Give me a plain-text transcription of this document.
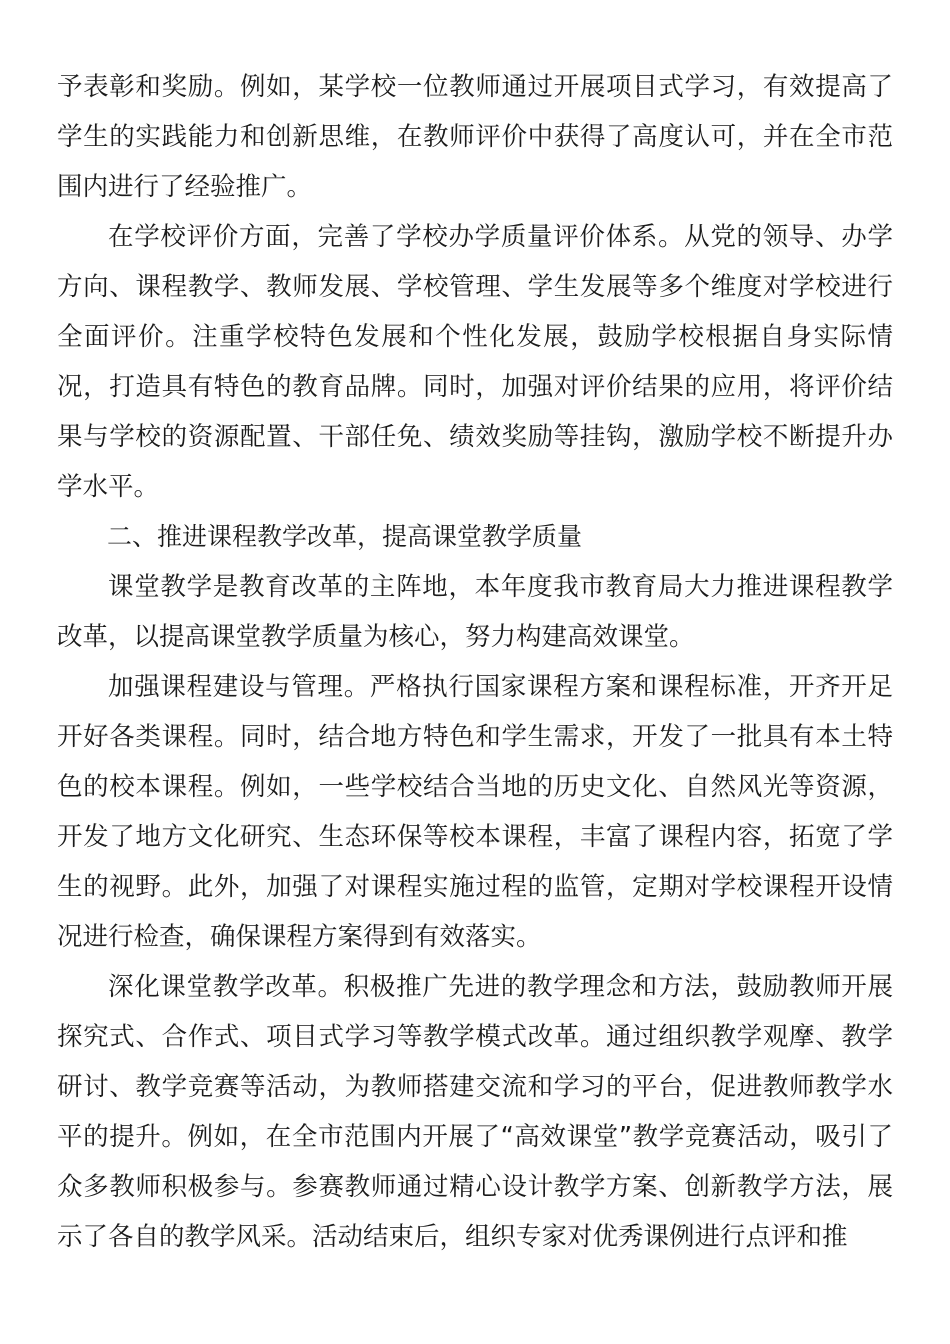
予表彰和奖励。例如，某学校一位教师通过开展项目式学习，有效提高了学生的实践能力和创新思维，在教师评价中获得了高度认可，并在全市范围内进行了经验推广。

在学校评价方面，完善了学校办学质量评价体系。从党的领导、办学方向、课程教学、教师发展、学校管理、学生发展等多个维度对学校进行全面评价。注重学校特色发展和个性化发展，鼓励学校根据自身实际情况，打造具有特色的教育品牌。同时，加强对评价结果的应用，将评价结果与学校的资源配置、干部任免、绩效奖励等挂钩，激励学校不断提升办学水平。

二、推进课程教学改革，提高课堂教学质量

课堂教学是教育改革的主阵地，本年度我市教育局大力推进课程教学改革，以提高课堂教学质量为核心，努力构建高效课堂。

加强课程建设与管理。严格执行国家课程方案和课程标准，开齐开足开好各类课程。同时，结合地方特色和学生需求，开发了一批具有本土特色的校本课程。例如，一些学校结合当地的历史文化、自然风光等资源，开发了地方文化研究、生态环保等校本课程，丰富了课程内容，拓宽了学生的视野。此外，加强了对课程实施过程的监管，定期对学校课程开设情况进行检查，确保课程方案得到有效落实。

深化课堂教学改革。积极推广先进的教学理念和方法，鼓励教师开展探究式、合作式、项目式学习等教学模式改革。通过组织教学观摩、教学研讨、教学竞赛等活动，为教师搭建交流和学习的平台，促进教师教学水平的提升。例如，在全市范围内开展了“高效课堂”教学竞赛活动，吸引了众多教师积极参与。参赛教师通过精心设计教学方案、创新教学方法，展示了各自的教学风采。活动结束后，组织专家对优秀课例进行点评和推
